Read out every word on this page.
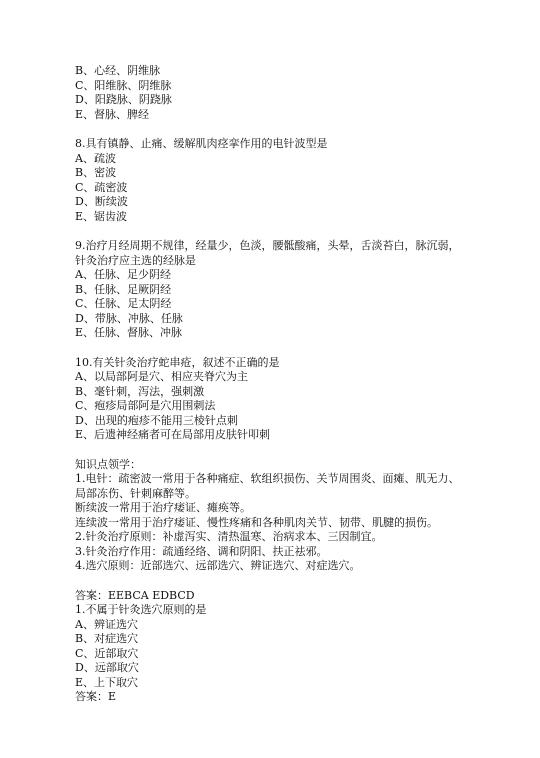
B、心经、阴维脉
C、阳维脉、阴维脉
D、阳跷脉、阴跷脉
E、督脉、脾经
8.具有镇静、止痛、缓解肌肉痉挛作用的电针波型是
A、疏波
B、密波
C、疏密波
D、断续波
E、锯齿波
9.治疗月经周期不规律，经量少，色淡，腰骶酸痛，头晕，舌淡苔白，脉沉弱，
针灸治疗应主选的经脉是
A、任脉、足少阴经
B、任脉、足厥阴经
C、任脉、足太阴经
D、带脉、冲脉、任脉
E、任脉、督脉、冲脉
10.有关针灸治疗蛇串疮，叙述不正确的是
A、以局部阿是穴、相应夹脊穴为主
B、毫针刺，泻法，强刺激
C、疱疹局部阿是穴用围刺法
D、出现的疱疹不能用三棱针点刺
E、后遗神经痛者可在局部用皮肤针叩刺
知识点领学：
1.电针：疏密波一常用于各种痛症、软组织损伤、关节周围炎、面瘫、肌无力、
局部冻伤、针刺麻醉等。
断续波一常用于治疗痿证、瘫痪等。
连续波一常用于治疗痿证、慢性疼痛和各种肌肉关节、韧带、肌腱的损伤。
2.针灸治疗原则：补虚泻实、清热温寒、治病求本、三因制宜。
3.针灸治疗作用：疏通经络、调和阴阳、扶正祛邪。
4.选穴原则：近部选穴、远部选穴、辨证选穴、对症选穴。
答案：EEBCA EDBCD
1.不属于针灸选穴原则的是
A、辨证选穴
B、对症选穴
C、近部取穴
D、远部取穴
E、上下取穴
答案：E
